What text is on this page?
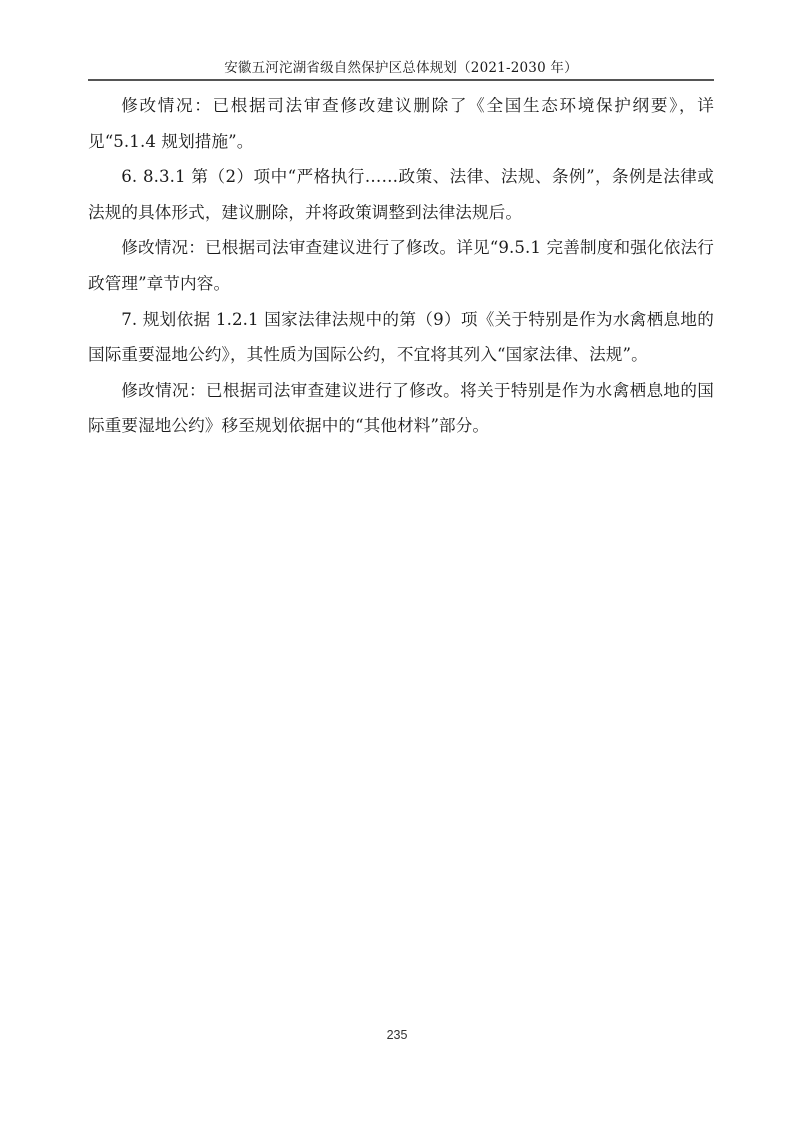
安徽五河沱湖省级自然保护区总体规划（2021-2030 年）

修改情况：已根据司法审查修改建议删除了《全国生态环境保护纲要》，详见“5.1.4 规划措施”。

6. 8.3.1 第（2）项中“严格执行……政策、法律、法规、条例”，条例是法律或法规的具体形式，建议删除，并将政策调整到法律法规后。

修改情况：已根据司法审查建议进行了修改。详见“9.5.1 完善制度和强化依法行政管理”章节内容。

7. 规划依据 1.2.1 国家法律法规中的第（9）项《关于特别是作为水禽栖息地的国际重要湿地公约》，其性质为国际公约，不宜将其列入“国家法律、法规”。

修改情况：已根据司法审查建议进行了修改。将关于特别是作为水禽栖息地的国际重要湿地公约》移至规划依据中的“其他材料”部分。

235
